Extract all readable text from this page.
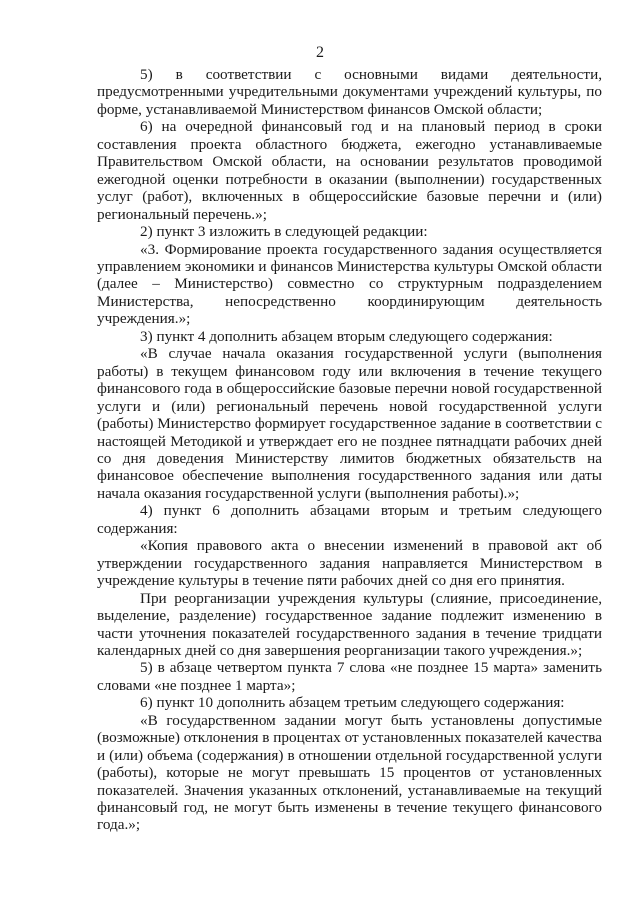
2

5) в соответствии с основными видами деятельности, предусмотренными учредительными документами учреждений культуры, по форме, устанавливаемой Министерством финансов Омской области;

6) на очередной финансовый год и на плановый период в сроки составления проекта областного бюджета, ежегодно устанавливаемые Правительством Омской области, на основании результатов проводимой ежегодной оценки потребности в оказании (выполнении) государственных услуг (работ), включенных в общероссийские базовые перечни и (или) региональный перечень.»;

2) пункт 3 изложить в следующей редакции:

«3. Формирование проекта государственного задания осуществляется управлением экономики и финансов Министерства культуры Омской области (далее – Министерство) совместно со структурным подразделением Министерства, непосредственно координирующим деятельность учреждения.»;

3) пункт 4 дополнить абзацем вторым следующего содержания:

«В случае начала оказания государственной услуги (выполнения работы) в текущем финансовом году или включения в течение текущего финансового года в общероссийские базовые перечни новой государственной услуги и (или) региональный перечень новой государственной услуги (работы) Министерство формирует государственное задание в соответствии с настоящей Методикой и утверждает его не позднее пятнадцати рабочих дней со дня доведения Министерству лимитов бюджетных обязательств на финансовое обеспечение выполнения государственного задания или даты начала оказания государственной услуги (выполнения работы).»;

4) пункт 6 дополнить абзацами вторым и третьим следующего содержания:

«Копия правового акта о внесении изменений в правовой акт об утверждении государственного задания направляется Министерством в учреждение культуры в течение пяти рабочих дней со дня его принятия.

При реорганизации учреждения культуры (слияние, присоединение, выделение, разделение) государственное задание подлежит изменению в части уточнения показателей государственного задания в течение тридцати календарных дней со дня завершения реорганизации такого учреждения.»;

5) в абзаце четвертом пункта 7 слова «не позднее 15 марта» заменить словами «не позднее 1 марта»;

6) пункт 10 дополнить абзацем третьим следующего содержания:

«В государственном задании могут быть установлены допустимые (возможные) отклонения в процентах от установленных показателей качества и (или) объема (содержания) в отношении отдельной государственной услуги (работы), которые не могут превышать 15 процентов от установленных показателей. Значения указанных отклонений, устанавливаемые на текущий финансовый год, не могут быть изменены в течение текущего финансового года.»;
